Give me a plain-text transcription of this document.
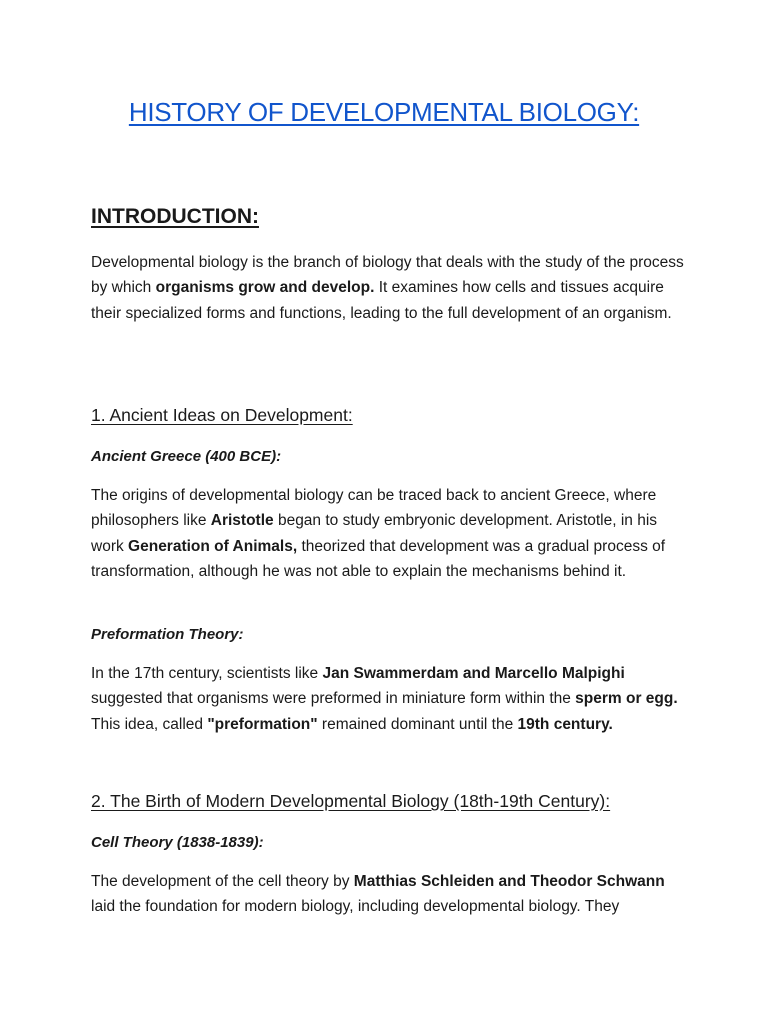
HISTORY OF DEVELOPMENTAL BIOLOGY:
INTRODUCTION:

Developmental biology is the branch of biology that deals with the study of the process by which organisms grow and develop. It examines how cells and tissues acquire their specialized forms and functions, leading to the full development of an organism.

1. Ancient Ideas on Development:
Ancient Greece (400 BCE):

The origins of developmental biology can be traced back to ancient Greece, where philosophers like Aristotle began to study embryonic development. Aristotle, in his work Generation of Animals, theorized that development was a gradual process of transformation, although he was not able to explain the mechanisms behind it.

Preformation Theory:

In the 17th century, scientists like Jan Swammerdam and Marcello Malpighi suggested that organisms were preformed in miniature form within the sperm or egg. This idea, called "preformation" remained dominant until the 19th century.

2. The Birth of Modern Developmental Biology (18th-19th Century):
Cell Theory (1838-1839):

The development of the cell theory by Matthias Schleiden and Theodor Schwann laid the foundation for modern biology, including developmental biology. They
